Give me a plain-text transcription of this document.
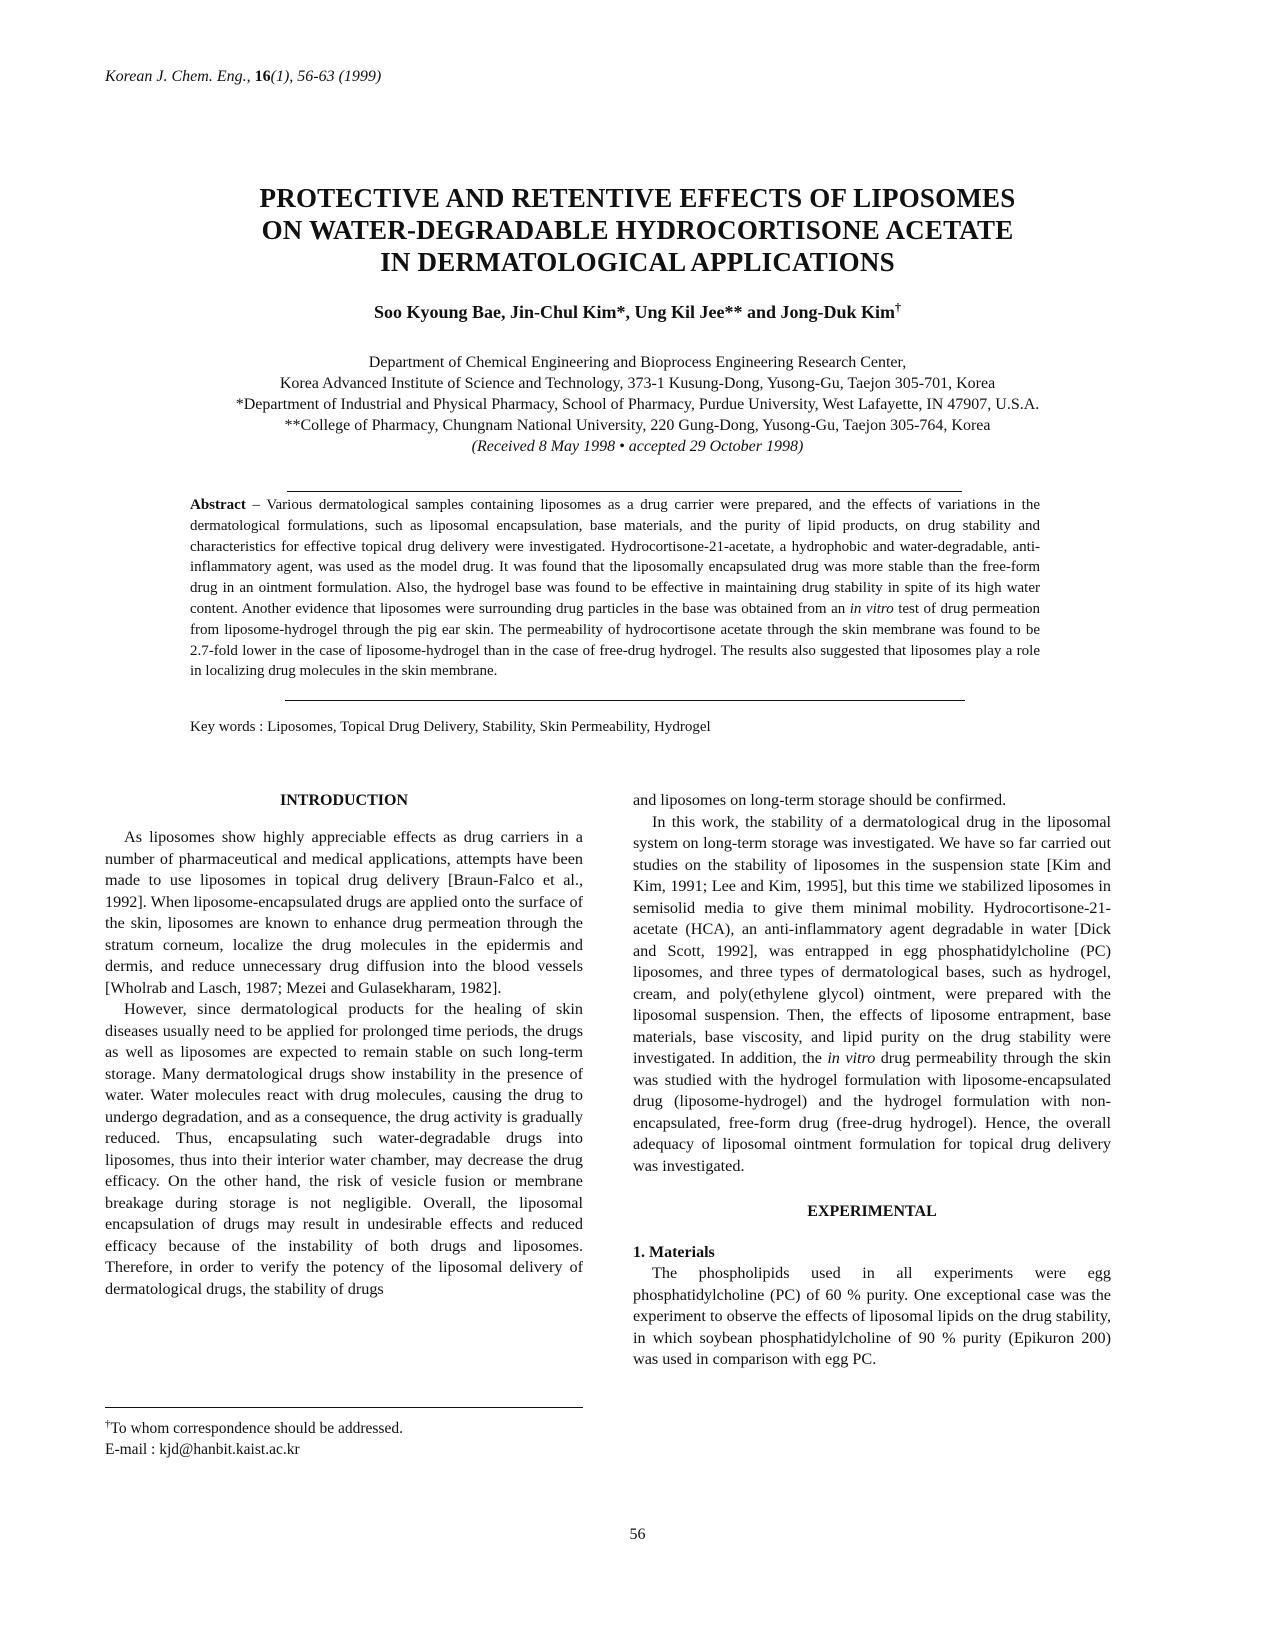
Korean J. Chem. Eng., 16(1), 56-63 (1999)
PROTECTIVE AND RETENTIVE EFFECTS OF LIPOSOMES
ON WATER-DEGRADABLE HYDROCORTISONE ACETATE
IN DERMATOLOGICAL APPLICATIONS
Soo Kyoung Bae, Jin-Chul Kim*, Ung Kil Jee** and Jong-Duk Kim†
Department of Chemical Engineering and Bioprocess Engineering Research Center,
Korea Advanced Institute of Science and Technology, 373-1 Kusung-Dong, Yusong-Gu, Taejon 305-701, Korea
*Department of Industrial and Physical Pharmacy, School of Pharmacy, Purdue University, West Lafayette, IN 47907, U.S.A.
**College of Pharmacy, Chungnam National University, 220 Gung-Dong, Yusong-Gu, Taejon 305-764, Korea
(Received 8 May 1998 • accepted 29 October 1998)
Abstract – Various dermatological samples containing liposomes as a drug carrier were prepared, and the effects of variations in the dermatological formulations, such as liposomal encapsulation, base materials, and the purity of lipid products, on drug stability and characteristics for effective topical drug delivery were investigated. Hydrocortisone-21-acetate, a hydrophobic and water-degradable, anti-inflammatory agent, was used as the model drug. It was found that the liposomally encapsulated drug was more stable than the free-form drug in an ointment formulation. Also, the hydrogel base was found to be effective in maintaining drug stability in spite of its high water content. Another evidence that liposomes were surrounding drug particles in the base was obtained from an in vitro test of drug permeation from liposome-hydrogel through the pig ear skin. The permeability of hydrocortisone acetate through the skin membrane was found to be 2.7-fold lower in the case of liposome-hydrogel than in the case of free-drug hydrogel. The results also suggested that liposomes play a role in localizing drug molecules in the skin membrane.
Key words : Liposomes, Topical Drug Delivery, Stability, Skin Permeability, Hydrogel
INTRODUCTION

As liposomes show highly appreciable effects as drug carriers in a number of pharmaceutical and medical applications, attempts have been made to use liposomes in topical drug delivery [Braun-Falco et al., 1992]. When liposome-encapsulated drugs are applied onto the surface of the skin, liposomes are known to enhance drug permeation through the stratum corneum, localize the drug molecules in the epidermis and dermis, and reduce unnecessary drug diffusion into the blood vessels [Wholrab and Lasch, 1987; Mezei and Gulasekharam, 1982].

However, since dermatological products for the healing of skin diseases usually need to be applied for prolonged time periods, the drugs as well as liposomes are expected to remain stable on such long-term storage. Many dermatological drugs show instability in the presence of water. Water molecules react with drug molecules, causing the drug to undergo degradation, and as a consequence, the drug activity is gradually reduced. Thus, encapsulating such water-degradable drugs into liposomes, thus into their interior water chamber, may decrease the drug efficacy. On the other hand, the risk of vesicle fusion or membrane breakage during storage is not negligible. Overall, the liposomal encapsulation of drugs may result in undesirable effects and reduced efficacy because of the instability of both drugs and liposomes. Therefore, in order to verify the potency of the liposomal delivery of dermatological drugs, the stability of drugs

and liposomes on long-term storage should be confirmed.

In this work, the stability of a dermatological drug in the liposomal system on long-term storage was investigated. We have so far carried out studies on the stability of liposomes in the suspension state [Kim and Kim, 1991; Lee and Kim, 1995], but this time we stabilized liposomes in semisolid media to give them minimal mobility. Hydrocortisone-21-acetate (HCA), an anti-inflammatory agent degradable in water [Dick and Scott, 1992], was entrapped in egg phosphatidylcholine (PC) liposomes, and three types of dermatological bases, such as hydrogel, cream, and poly(ethylene glycol) ointment, were prepared with the liposomal suspension. Then, the effects of liposome entrapment, base materials, base viscosity, and lipid purity on the drug stability were investigated. In addition, the in vitro drug permeability through the skin was studied with the hydrogel formulation with liposome-encapsulated drug (liposome-hydrogel) and the hydrogel formulation with non-encapsulated, free-form drug (free-drug hydrogel). Hence, the overall adequacy of liposomal ointment formulation for topical drug delivery was investigated.

EXPERIMENTAL
1. Materials

The phospholipids used in all experiments were egg phosphatidylcholine (PC) of 60 % purity. One exceptional case was the experiment to observe the effects of liposomal lipids on the drug stability, in which soybean phosphatidylcholine of 90 % purity (Epikuron 200) was used in comparison with egg PC.

†To whom correspondence should be addressed.
E-mail : kjd@hanbit.kaist.ac.kr
56
